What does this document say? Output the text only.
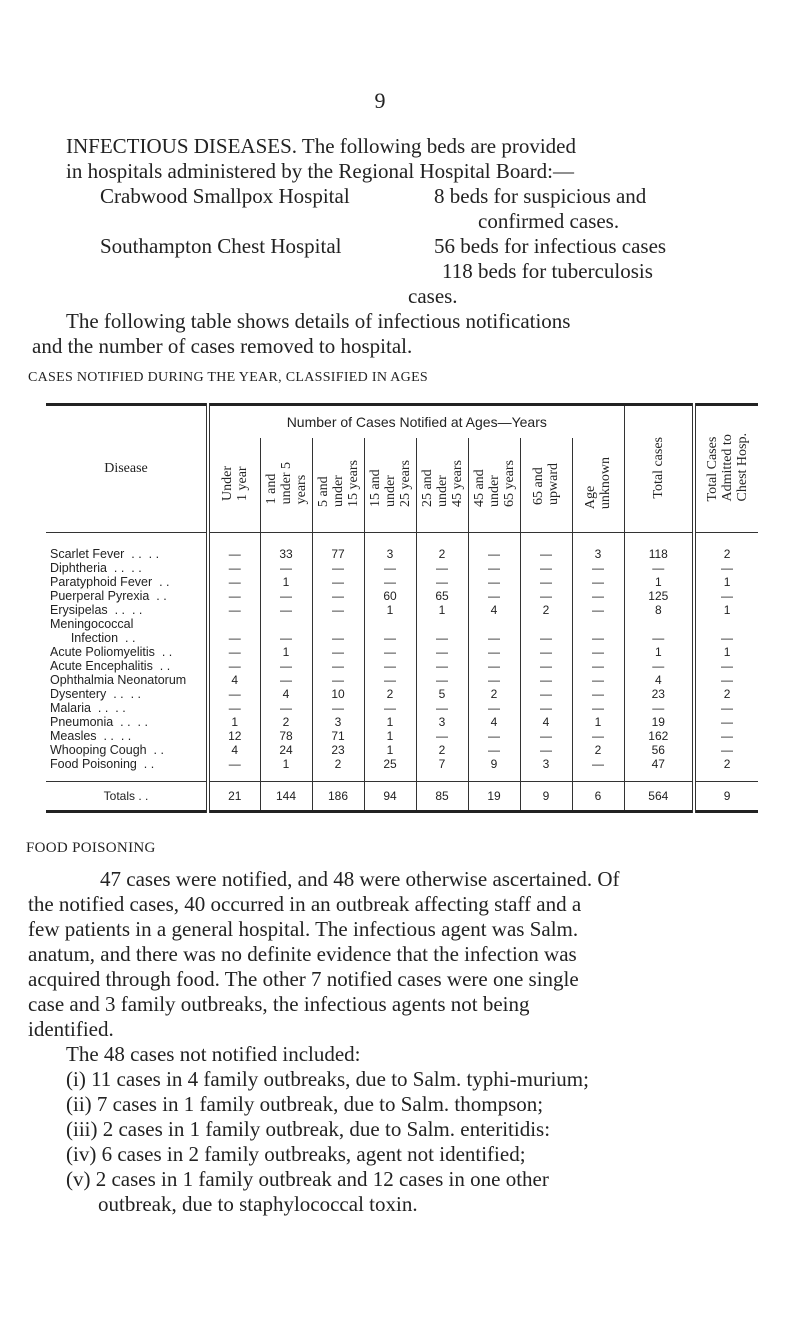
9
INFECTIOUS DISEASES. The following beds are provided
in hospitals administered by the Regional Hospital Board:—
Crabwood Smallpox Hospital	8 beds for suspicious and
confirmed cases.
Southampton Chest Hospital	56 beds for infectious cases
118 beds for tuberculosis
cases.
The following table shows details of infectious notifications
and the number of cases removed to hospital.
CASES NOTIFIED DURING THE YEAR, CLASSIFIED IN AGES
Disease	Number of Cases Notified at Ages—Years								Total cases	Total Cases
Admitted to
Chest Hosp.
	Under
1 year	1 and
under 5
years	5 and
under
15 years	15 and
under
25 years	25 and
under
45 years	45 and
under
65 years	65 and
upward	Age
unknown		
Scarlet Fever  . .  . .	—	33	77	3	2	—	—	3	118	2
Diphtheria  . .  . .	—	—	—	—	—	—	—	—	—	—
Paratyphoid Fever  . .	—	1	—	—	—	—	—	—	1	1
Puerperal Pyrexia  . .	—	—	—	60	65	—	—	—	125	—
Erysipelas  . .  . .	—	—	—	1	1	4	2	—	8	1
Meningococcal										
Infection  . .	—	—	—	—	—	—	—	—	—	—
Acute Poliomyelitis  . .	—	1	—	—	—	—	—	—	1	1
Acute Encephalitis  . .	—	—	—	—	—	—	—	—	—	—
Ophthalmia Neonatorum	4	—	—	—	—	—	—	—	4	—
Dysentery  . .  . .	—	4	10	2	5	2	—	—	23	2
Malaria  . .  . .	—	—	—	—	—	—	—	—	—	—
Pneumonia  . .  . .	1	2	3	1	3	4	4	1	19	—
Measles  . .  . .	12	78	71	1	—	—	—	—	162	—
Whooping Cough  . .	4	24	23	1	2	—	—	2	56	—
Food Poisoning  . .	—	1	2	25	7	9	3	—	47	2
Totals . .	21	144	186	94	85	19	9	6	564	9
FOOD POISONING
47 cases were notified, and 48 were otherwise ascertained. Of
the notified cases, 40 occurred in an outbreak affecting staff and a
few patients in a general hospital. The infectious agent was Salm.
anatum, and there was no definite evidence that the infection was
acquired through food. The other 7 notified cases were one single
case and 3 family outbreaks, the infectious agents not being
identified.
The 48 cases not notified included:
(i) 11 cases in 4 family outbreaks, due to Salm. typhi-murium;
(ii) 7 cases in 1 family outbreak, due to Salm. thompson;
(iii) 2 cases in 1 family outbreak, due to Salm. enteritidis:
(iv) 6 cases in 2 family outbreaks, agent not identified;
(v) 2 cases in 1 family outbreak and 12 cases in one other
outbreak, due to staphylococcal toxin.
